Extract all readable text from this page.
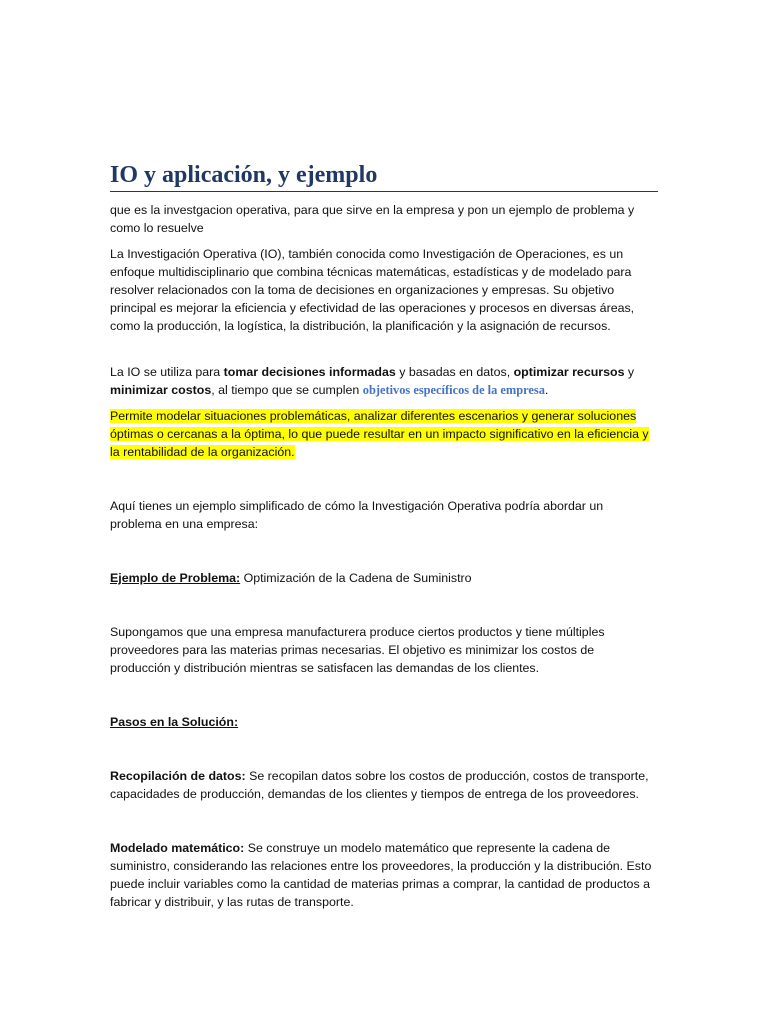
IO y aplicación, y ejemplo

que es la investgacion operativa, para que sirve en la empresa y pon un ejemplo de problema y como lo resuelve

La Investigación Operativa (IO), también conocida como Investigación de Operaciones, es un enfoque multidisciplinario que combina técnicas matemáticas, estadísticas y de modelado para resolver relacionados con la toma de decisiones en organizaciones y empresas. Su objetivo principal es mejorar la eficiencia y efectividad de las operaciones y procesos en diversas áreas, como la producción, la logística, la distribución, la planificación y la asignación de recursos.

La IO se utiliza para tomar decisiones informadas y basadas en datos, optimizar recursos y minimizar costos, al tiempo que se cumplen objetivos específicos de la empresa.

Permite modelar situaciones problemáticas, analizar diferentes escenarios y generar soluciones óptimas o cercanas a la óptima, lo que puede resultar en un impacto significativo en la eficiencia y la rentabilidad de la organización.

Aquí tienes un ejemplo simplificado de cómo la Investigación Operativa podría abordar un problema en una empresa:

Ejemplo de Problema: Optimización de la Cadena de Suministro

Supongamos que una empresa manufacturera produce ciertos productos y tiene múltiples proveedores para las materias primas necesarias. El objetivo es minimizar los costos de producción y distribución mientras se satisfacen las demandas de los clientes.

Pasos en la Solución:

Recopilación de datos: Se recopilan datos sobre los costos de producción, costos de transporte, capacidades de producción, demandas de los clientes y tiempos de entrega de los proveedores.

Modelado matemático: Se construye un modelo matemático que represente la cadena de suministro, considerando las relaciones entre los proveedores, la producción y la distribución. Esto puede incluir variables como la cantidad de materias primas a comprar, la cantidad de productos a fabricar y distribuir, y las rutas de transporte.
